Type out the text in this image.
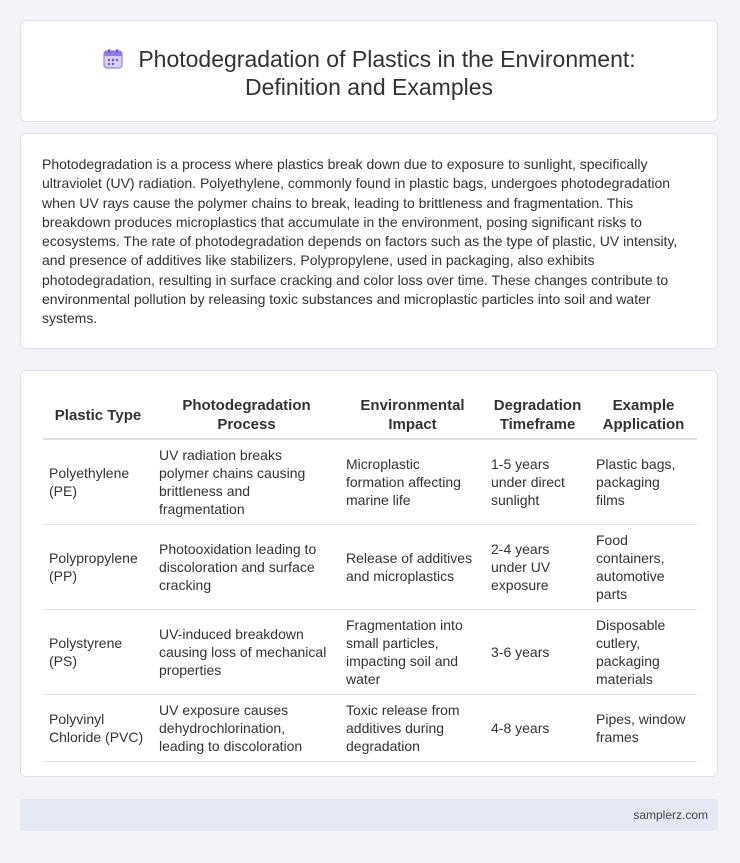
Photodegradation of Plastics in the Environment:
Definition and Examples
Photodegradation is a process where plastics break down due to exposure to sunlight, specifically ultraviolet (UV) radiation. Polyethylene, commonly found in plastic bags, undergoes photodegradation when UV rays cause the polymer chains to break, leading to brittleness and fragmentation. This breakdown produces microplastics that accumulate in the environment, posing significant risks to ecosystems. The rate of photodegradation depends on factors such as the type of plastic, UV intensity, and presence of additives like stabilizers. Polypropylene, used in packaging, also exhibits photodegradation, resulting in surface cracking and color loss over time. These changes contribute to environmental pollution by releasing toxic substances and microplastic particles into soil and water systems.
Plastic Type	Photodegradation Process	Environmental Impact	Degradation Timeframe	Example Application
Polyethylene (PE)	UV radiation breaks polymer chains causing brittleness and fragmentation	Microplastic formation affecting marine life	1-5 years under direct sunlight	Plastic bags, packaging films
Polypropylene (PP)	Photooxidation leading to discoloration and surface cracking	Release of additives and microplastics	2-4 years under UV exposure	Food containers, automotive parts
Polystyrene (PS)	UV-induced breakdown causing loss of mechanical properties	Fragmentation into small particles, impacting soil and water	3-6 years	Disposable cutlery, packaging materials
Polyvinyl Chloride (PVC)	UV exposure causes dehydrochlorination, leading to discoloration	Toxic release from additives during degradation	4-8 years	Pipes, window frames
samplerz.com
